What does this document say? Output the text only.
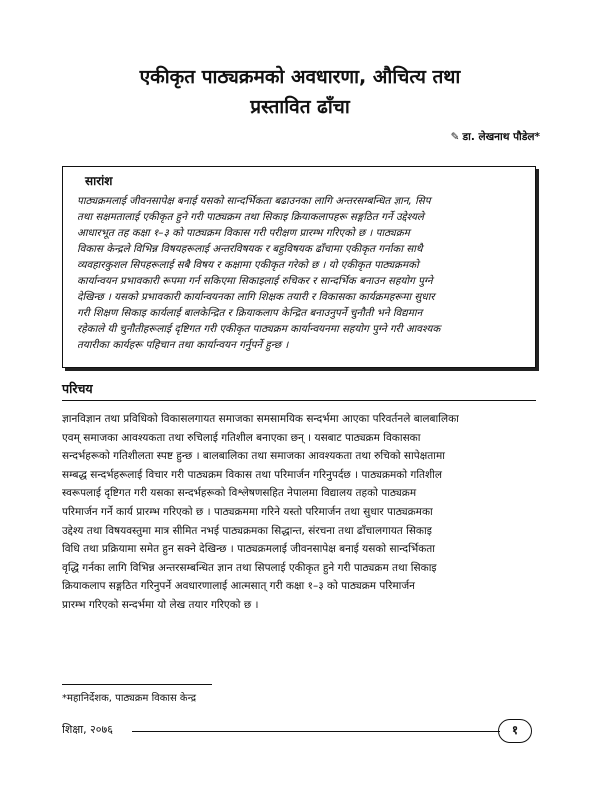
एकीकृत पाठ्यक्रमको अवधारणा, औचित्य तथा
प्रस्तावित ढाँचा
✎ डा. लेखनाथ पौडेल*
सारांश
पाठ्यक्रमलाई जीवनसापेक्ष बनाई यसको सान्दर्भिकता बढाउनका लागि अन्तरसम्बन्धित ज्ञान, सिप
तथा सक्षमतालाई एकीकृत हुने गरी पाठ्यक्रम तथा सिकाइ क्रियाकलापहरू सङ्गठित गर्ने उद्देश्यले
आधारभूत तह कक्षा १–३ को पाठ्यक्रम विकास गरी परीक्षण प्रारम्भ गरिएको छ । पाठ्यक्रम
विकास केन्द्रले विभिन्न विषयहरूलाई अन्तरविषयक र बहुविषयक ढाँचामा एकीकृत गर्नाका साथै
व्यवहारकुशल सिपहरूलाई सबै विषय र कक्षामा एकीकृत गरेको छ । यो एकीकृत पाठ्यक्रमको
कार्यान्वयन प्रभावकारी रूपमा गर्न सकिएमा सिकाइलाई रुचिकर र सान्दर्भिक बनाउन सहयोग पुग्ने
देखिन्छ । यसको प्रभावकारी कार्यान्वयनका लागि शिक्षक तयारी र विकासका कार्यक्रमहरूमा सुधार
गरी शिक्षण सिकाइ कार्यलाई बालकेन्द्रित र क्रियाकलाप केन्द्रित बनाउनुपर्ने चुनौती भने विद्यमान
रहेकाले यी चुनौतीहरूलाई दृष्टिगत गरी एकीकृत पाठ्यक्रम कार्यान्वयनमा सहयोग पुग्ने गरी आवश्यक
तयारीका कार्यहरू पहिचान तथा कार्यान्वयन गर्नुपर्ने हुन्छ ।
परिचय
ज्ञानविज्ञान तथा प्रविधिको विकासलगायत समाजका समसामयिक सन्दर्भमा आएका परिवर्तनले बालबालिका
एवम् समाजका आवश्यकता तथा रुचिलाई गतिशील बनाएका छन् । यसबाट पाठ्यक्रम विकासका
सन्दर्भहरूको गतिशीलता स्पष्ट हुन्छ । बालबालिका तथा समाजका आवश्यकता तथा रुचिको सापेक्षतामा
सम्बद्ध सन्दर्भहरूलाई विचार गरी पाठ्यक्रम विकास तथा परिमार्जन गरिनुपर्दछ । पाठ्यक्रमको गतिशील
स्वरूपलाई दृष्टिगत गरी यसका सन्दर्भहरूको विश्लेषणसहित नेपालमा विद्यालय तहको पाठ्यक्रम
परिमार्जन गर्ने कार्य प्रारम्भ गरिएको छ । पाठ्यक्रममा गरिने यस्तो परिमार्जन तथा सुधार पाठ्यक्रमका
उद्देश्य तथा विषयवस्तुमा मात्र सीमित नभई पाठ्यक्रमका सिद्धान्त, संरचना तथा ढाँचालगायत सिकाइ
विधि तथा प्रक्रियामा समेत हुन सक्ने देखिन्छ । पाठ्यक्रमलाई जीवनसापेक्ष बनाई यसको सान्दर्भिकता
वृद्धि गर्नका लागि विभिन्न अन्तरसम्बन्धित ज्ञान तथा सिपलाई एकीकृत हुने गरी पाठ्यक्रम तथा सिकाइ
क्रियाकलाप सङ्गठित गरिनुपर्ने अवधारणालाई आत्मसात् गरी कक्षा १–३ को पाठ्यक्रम परिमार्जन
प्रारम्भ गरिएको सन्दर्भमा यो लेख तयार गरिएको छ ।
*महानिर्देशक, पाठ्यक्रम विकास केन्द्र
शिक्षा, २०७६	१
